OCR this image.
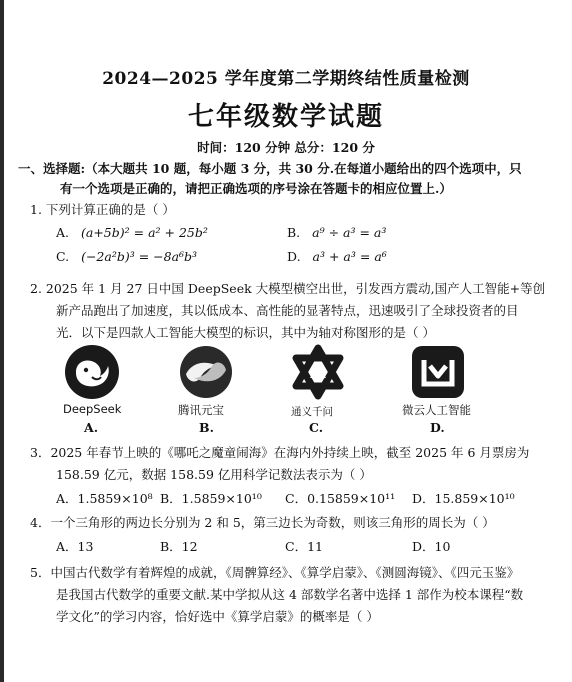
2024—2025 学年度第二学期终结性质量检测
七年级数学试题
时间：120 分钟 总分：120 分
一、选择题:（本大题共 10 题，每小题 3 分，共 30 分.在每道小题给出的四个选项中，只
有一个选项是正确的，请把正确选项的序号涂在答题卡的相应位置上.）
1. 下列计算正确的是（ ）
A. (a+5b)² = a² + 25b²	B. a⁹ ÷ a³ = a³
C. (−2a²b)³ = −8a⁶b³	D. a³ + a³ = a⁶
2. 2025 年 1 月 27 日中国 DeepSeek 大模型横空出世，引发西方震动,国产人工智能+等创
新产品跑出了加速度，其以低成本、高性能的显著特点，迅速吸引了全球投资者的目
光．以下是四款人工智能大模型的标识，其中为轴对称图形的是（ ）
DeepSeek
A.
腾讯元宝
B.
通义千问
C.
微云人工智能
D.
3．2025 年春节上映的《哪吒之魔童闹海》在海内外持续上映，截至 2025 年 6 月票房为
158.59 亿元，数据 158.59 亿用科学记数法表示为（ ）
A．1.5859×10⁸ B．1.5859×10¹⁰ C．0.15859×10¹¹ D．15.859×10¹⁰
4．一个三角形的两边长分别为 2 和 5，第三边长为奇数，则该三角形的周长为（ ）
A．13	B．12	C．11	D．10
5．中国古代数学有着辉煌的成就，《周髀算经》、《算学启蒙》、《测圆海镜》、《四元玉鉴》
是我国古代数学的重要文献.某中学拟从这 4 部数学名著中选择 1 部作为校本课程“数
学文化”的学习内容，恰好选中《算学启蒙》的概率是（ ）
